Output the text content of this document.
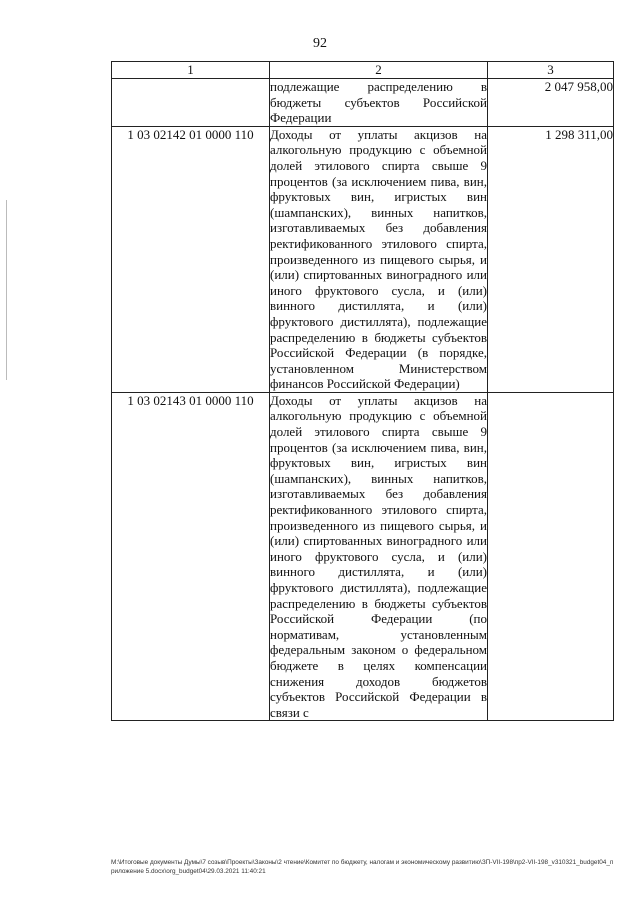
92
1	2	3

	подлежащие распределению в бюджеты субъектов Российской Федерации	2 047 958,00
1 03 02142 01 0000 110	Доходы от уплаты акцизов на алкогольную продукцию с объемной долей этилового спирта свыше 9 процентов (за исключением пива, вин, фруктовых вин, игристых вин (шампанских), винных напитков, изготавливаемых без добавления ректификованного этилового спирта, произведенного из пищевого сырья, и (или) спиртованных виноградного или иного фруктового сусла, и (или) винного дистиллята, и (или) фруктового дистиллята), подлежащие распределению в бюджеты субъектов Российской Федерации (в порядке, установленном Министерством финансов Российской Федерации)	1 298 311,00
1 03 02143 01 0000 110	Доходы от уплаты акцизов на алкогольную продукцию с объемной долей этилового спирта свыше 9 процентов (за исключением пива, вин, фруктовых вин, игристых вин (шампанских), винных напитков, изготавливаемых без добавления ректификованного этилового спирта, произведенного из пищевого сырья, и (или) спиртованных виноградного или иного фруктового сусла, и (или) винного дистиллята, и (или) фруктового дистиллята), подлежащие распределению в бюджеты субъектов Российской Федерации (по нормативам, установленным федеральным законом о федеральном бюджете в целях компенсации снижения доходов бюджетов субъектов Российской Федерации в связи с	

M:\Итоговые документы Думы\7 созыв\Проекты\Законы\2 чтение\Комитет по бюджету, налогам и экономическому развитию\ЗП-VII-198\пр2-VII-198_v310321_budget04_приложение 5.docx\org_budget04\29.03.2021 11:40:21
